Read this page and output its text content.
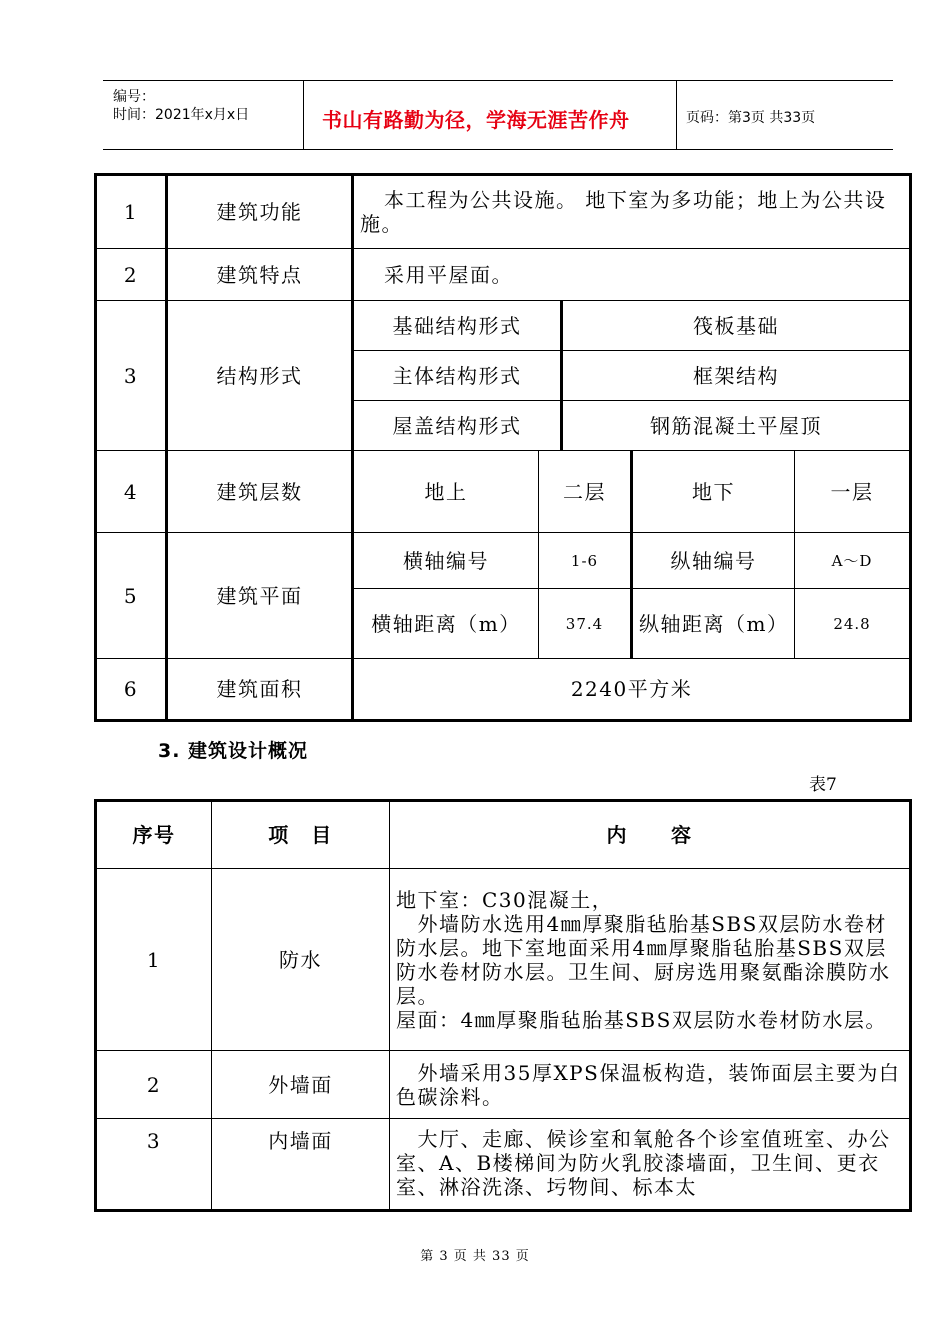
编号：
时间：2021年x月x日	书山有路勤为径，学海无涯苦作舟	页码：第3页 共33页
1	建筑功能	本工程为公共设施。 地下室为多功能；地上为公共设施。				
2	建筑特点	采用平屋面。				
3	结构形式	基础结构形式		筏板基础		
		主体结构形式		框架结构		
		屋盖结构形式		钢筋混凝土平屋顶		
4	建筑层数	地上	二层		地下	一层
5	建筑平面	横轴编号	1-6		纵轴编号	A～D
		横轴距离（m）	37.4		纵轴距离（m）	24.8
6	建筑面积	2240平方米				
3. 建筑设计概况
表7
序号	项　目	内　　容
1	防水	地下室：C30混凝土，
　外墙防水选用4㎜厚聚脂毡胎基SBS双层防水卷材防水层。地下室地面采用4㎜厚聚脂毡胎基SBS双层防水卷材防水层。卫生间、厨房选用聚氨酯涂膜防水层。
屋面：4㎜厚聚脂毡胎基SBS双层防水卷材防水层。
2	外墙面	　外墙采用35厚XPS保温板构造，装饰面层主要为白色碳涂料。
3	内墙面	　大厅、走廊、候诊室和氧舱各个诊室值班室、办公室、A、B楼梯间为防火乳胶漆墙面，卫生间、更衣室、淋浴洗涤、圬物间、标本太
第 3 页 共 33 页
